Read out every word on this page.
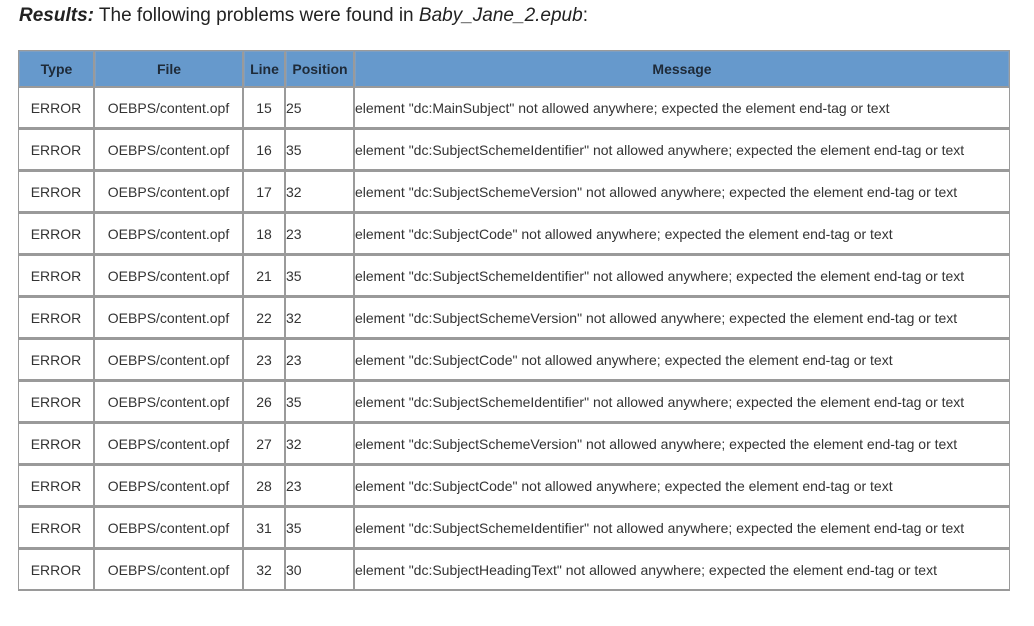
Results: The following problems were found in Baby_Jane_2.epub:
Type	File	Line	Position	Message
ERROR	OEBPS/content.opf	15	25	element "dc:MainSubject" not allowed anywhere; expected the element end-tag or text
ERROR	OEBPS/content.opf	16	35	element "dc:SubjectSchemeIdentifier" not allowed anywhere; expected the element end-tag or text
ERROR	OEBPS/content.opf	17	32	element "dc:SubjectSchemeVersion" not allowed anywhere; expected the element end-tag or text
ERROR	OEBPS/content.opf	18	23	element "dc:SubjectCode" not allowed anywhere; expected the element end-tag or text
ERROR	OEBPS/content.opf	21	35	element "dc:SubjectSchemeIdentifier" not allowed anywhere; expected the element end-tag or text
ERROR	OEBPS/content.opf	22	32	element "dc:SubjectSchemeVersion" not allowed anywhere; expected the element end-tag or text
ERROR	OEBPS/content.opf	23	23	element "dc:SubjectCode" not allowed anywhere; expected the element end-tag or text
ERROR	OEBPS/content.opf	26	35	element "dc:SubjectSchemeIdentifier" not allowed anywhere; expected the element end-tag or text
ERROR	OEBPS/content.opf	27	32	element "dc:SubjectSchemeVersion" not allowed anywhere; expected the element end-tag or text
ERROR	OEBPS/content.opf	28	23	element "dc:SubjectCode" not allowed anywhere; expected the element end-tag or text
ERROR	OEBPS/content.opf	31	35	element "dc:SubjectSchemeIdentifier" not allowed anywhere; expected the element end-tag or text
ERROR	OEBPS/content.opf	32	30	element "dc:SubjectHeadingText" not allowed anywhere; expected the element end-tag or text
